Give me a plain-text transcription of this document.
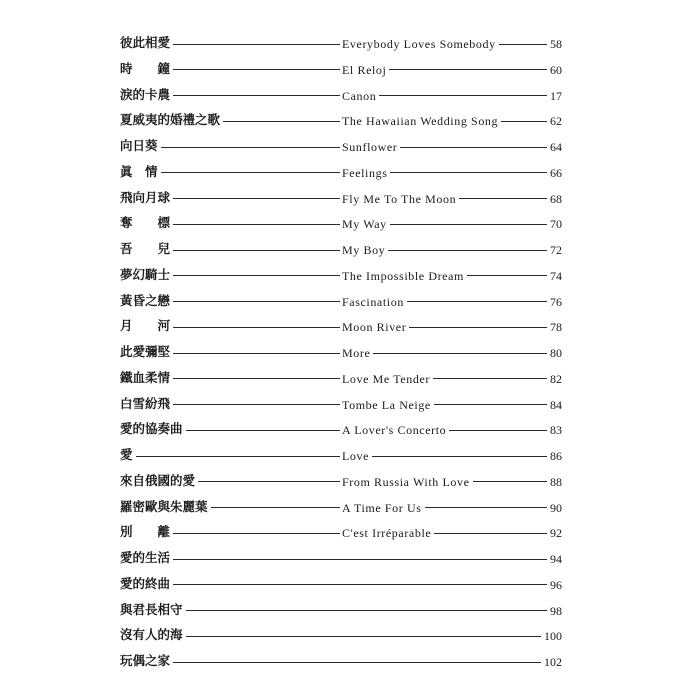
彼此相愛	Everybody Loves Somebody	58
時　　鐘	El Reloj	60
淚的卡農	Canon	17
夏威夷的婚禮之歌	The Hawaiian Wedding Song	62
向日葵	Sunflower	64
眞　情	Feelings	66
飛向月球	Fly Me To The Moon	68
奪　　標	My Way	70
吾　　兒	My Boy	72
夢幻騎士	The Impossible Dream	74
黃昏之戀	Fascination	76
月　　河	Moon River	78
此愛彌堅	More	80
鐵血柔情	Love Me Tender	82
白雪紛飛	Tombe La Neige	84
愛的協奏曲	A Lover's Concerto	83
愛	Love	86
來自俄國的愛	From Russia With Love	88
羅密歐與朱麗葉	A Time For Us	90
別　　離	C'est Irréparable	92
愛的生活	94
愛的終曲	96
與君長相守	98
沒有人的海	100
玩偶之家	102
